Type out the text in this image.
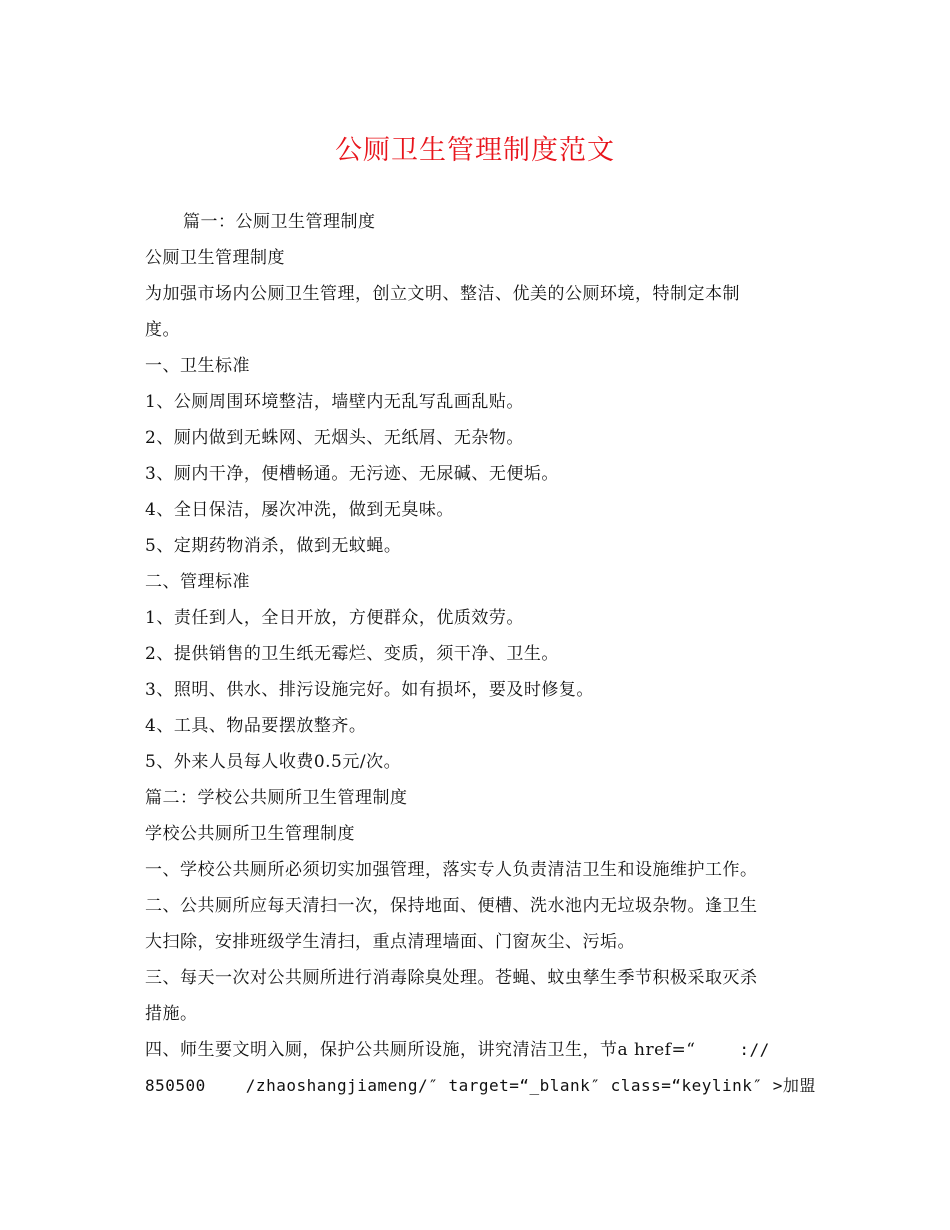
公厕卫生管理制度范文
篇一：公厕卫生管理制度
公厕卫生管理制度
为加强市场内公厕卫生管理，创立文明、整洁、优美的公厕环境，特制定本制
度。
一、卫生标准
1、公厕周围环境整洁，墙壁内无乱写乱画乱贴。
2、厕内做到无蛛网、无烟头、无纸屑、无杂物。
3、厕内干净，便槽畅通。无污迹、无尿碱、无便垢。
4、全日保洁，屡次冲洗，做到无臭味。
5、定期药物消杀，做到无蚊蝇。
二、管理标准
1、责任到人，全日开放，方便群众，优质效劳。
2、提供销售的卫生纸无霉烂、变质，须干净、卫生。
3、照明、供水、排污设施完好。如有损坏，要及时修复。
4、工具、物品要摆放整齐。
5、外来人员每人收费0.5元/次。
篇二：学校公共厕所卫生管理制度
学校公共厕所卫生管理制度
一、学校公共厕所必须切实加强管理，落实专人负责清洁卫生和设施维护工作。
二、公共厕所应每天清扫一次，保持地面、便槽、洗水池内无垃圾杂物。逢卫生
大扫除，安排班级学生清扫，重点清理墙面、门窗灰尘、污垢。
三、每天一次对公共厕所进行消毒除臭处理。苍蝇、蚊虫孳生季节积极采取灭杀
措施。
四、师生要文明入厕，保护公共厕所设施，讲究清洁卫生，节a href=“	://
850500	/zhaoshangjiameng/″ target=“_blank″ class=“keylink″ >加盟
